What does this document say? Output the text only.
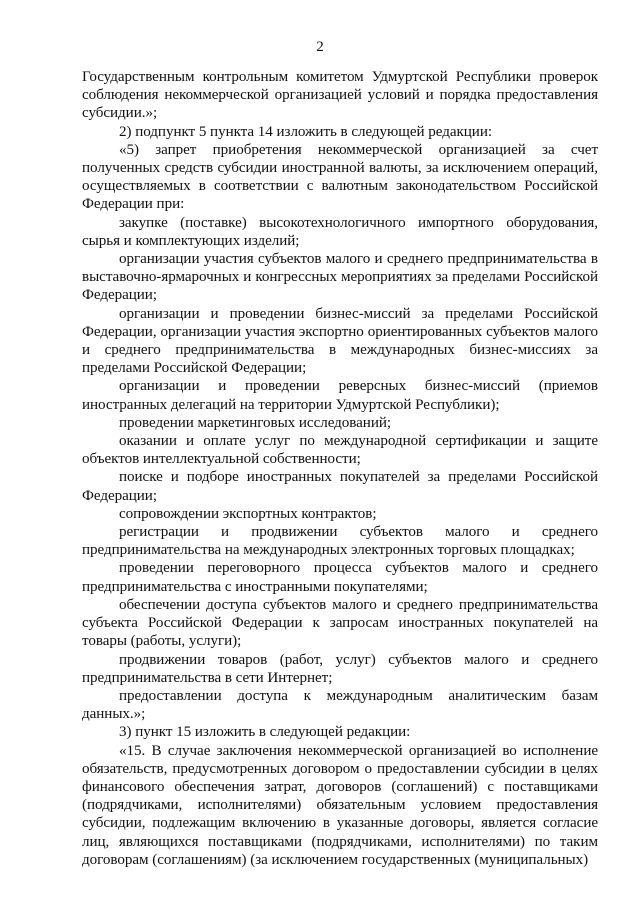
2

Государственным контрольным комитетом Удмуртской Республики проверок соблюдения некоммерческой организацией условий и порядка предоставления субсидии.»;

2) подпункт 5 пункта 14 изложить в следующей редакции:

«5) запрет приобретения некоммерческой организацией за счет полученных средств субсидии иностранной валюты, за исключением операций, осуществляемых в соответствии с валютным законодательством Российской Федерации при:

закупке (поставке) высокотехнологичного импортного оборудования, сырья и комплектующих изделий;

организации участия субъектов малого и среднего предпринимательства в выставочно-ярмарочных и конгрессных мероприятиях за пределами Российской Федерации;

организации и проведении бизнес-миссий за пределами Российской Федерации, организации участия экспортно ориентированных субъектов малого и среднего предпринимательства в международных бизнес-миссиях за пределами Российской Федерации;

организации и проведении реверсных бизнес-миссий (приемов иностранных делегаций на территории Удмуртской Республики);

проведении маркетинговых исследований;

оказании и оплате услуг по международной сертификации и защите объектов интеллектуальной собственности;

поиске и подборе иностранных покупателей за пределами Российской Федерации;

сопровождении экспортных контрактов;

регистрации и продвижении субъектов малого и среднего предпринимательства на международных электронных торговых площадках;

проведении переговорного процесса субъектов малого и среднего предпринимательства с иностранными покупателями;

обеспечении доступа субъектов малого и среднего предпринимательства субъекта Российской Федерации к запросам иностранных покупателей на товары (работы, услуги);

продвижении товаров (работ, услуг) субъектов малого и среднего предпринимательства в сети Интернет;

предоставлении доступа к международным аналитическим базам данных.»;

3) пункт 15 изложить в следующей редакции:

«15. В случае заключения некоммерческой организацией во исполнение обязательств, предусмотренных договором о предоставлении субсидии в целях финансового обеспечения затрат, договоров (соглашений) с поставщиками (подрядчиками, исполнителями) обязательным условием предоставления субсидии, подлежащим включению в указанные договоры, является согласие лиц, являющихся поставщиками (подрядчиками, исполнителями) по таким договорам (соглашениям) (за исключением государственных (муниципальных)
